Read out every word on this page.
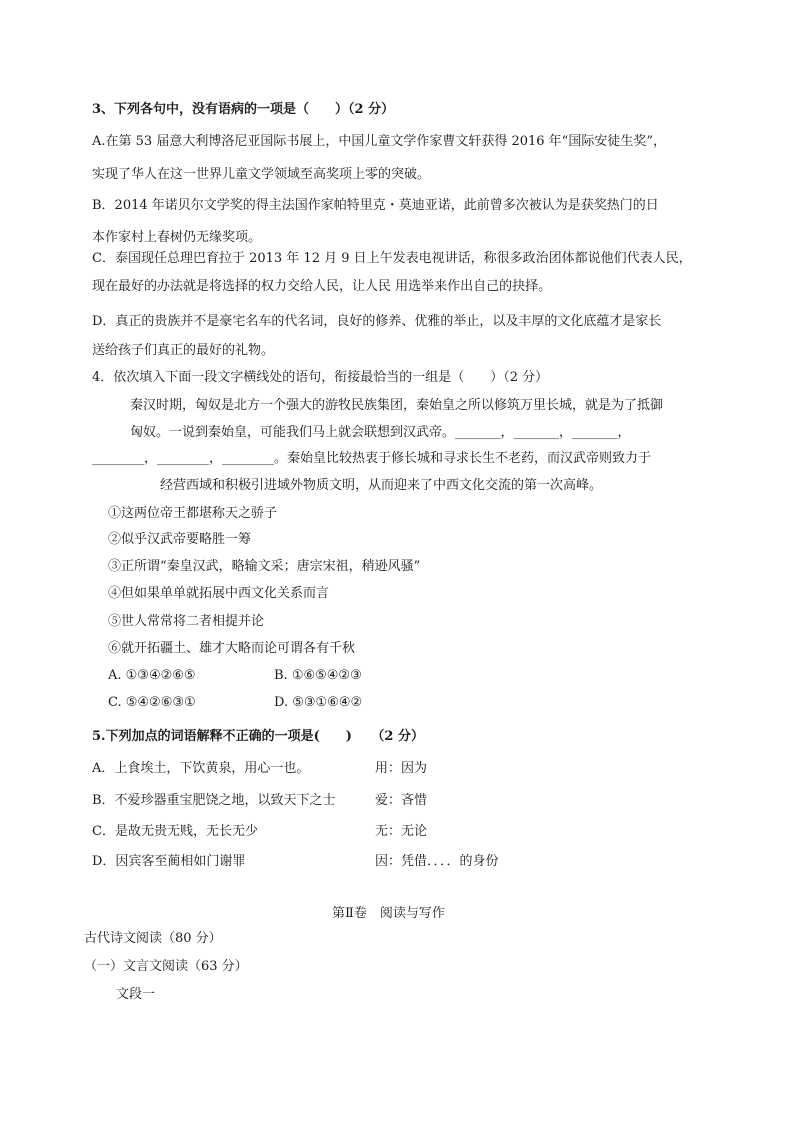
3、下列各句中，没有语病的一项是（　　）（2 分）
A.在第 53 届意大利博洛尼亚国际书展上，中国儿童文学作家曹文轩获得 2016 年“国际安徒生奖”，
实现了华人在这一世界儿童文学领域至高奖项上零的突破。
B．2014 年诺贝尔文学奖的得主法国作家帕特里克・莫迪亚诺，此前曾多次被认为是获奖热门的日
本作家村上春树仍无缘奖项。
C．泰国现任总理巴育拉于 2013 年 12 月 9 日上午发表电视讲话，称很多政治团体都说他们代表人民，
现在最好的办法就是将选择的权力交给人民，让人民 用选举来作出自己的抉择。
D．真正的贵族并不是豪宅名车的代名词，良好的修养、优雅的举止，以及丰厚的文化底蕴才是家长
送给孩子们真正的最好的礼物。
4．依次填入下面一段文字横线处的语句，衔接最恰当的一组是（　　）（2 分）
秦汉时期，匈奴是北方一个强大的游牧民族集团，秦始皇之所以修筑万里长城，就是为了抵御
匈奴。一说到秦始皇，可能我们马上就会联想到汉武帝。_______，_______，_______，
________，________，________。秦始皇比较热衷于修长城和寻求长生不老药，而汉武帝则致力于
经营西域和积极引进域外物质文明，从而迎来了中西文化交流的第一次高峰。
①这两位帝王都堪称天之骄子
②似乎汉武帝要略胜一筹
③正所谓“秦皇汉武，略输文采；唐宗宋祖，稍逊风骚”
④但如果单单就拓展中西文化关系而言
⑤世人常常将二者相提并论
⑥就开拓疆土、雄才大略而论可谓各有千秋
A. ①③④②⑥⑤	B. ①⑥⑤④②③
C. ⑤④②⑥③①	D. ⑤③①⑥④②
5.下列加点的词语解释不正确的一项是(　　)　　（2 分）
A．上食埃土，下饮黄泉，用心一也。	用：因为
B．不爱珍器重宝肥饶之地，以致天下之士	爱：吝惜
C．是故无贵无贱，无长无少	无：无论
D．因宾客至蔺相如门谢罪	因：凭借．．．．的身份
第Ⅱ卷　阅读与写作
古代诗文阅读（80 分）
（一）文言文阅读（63 分）
文段一
